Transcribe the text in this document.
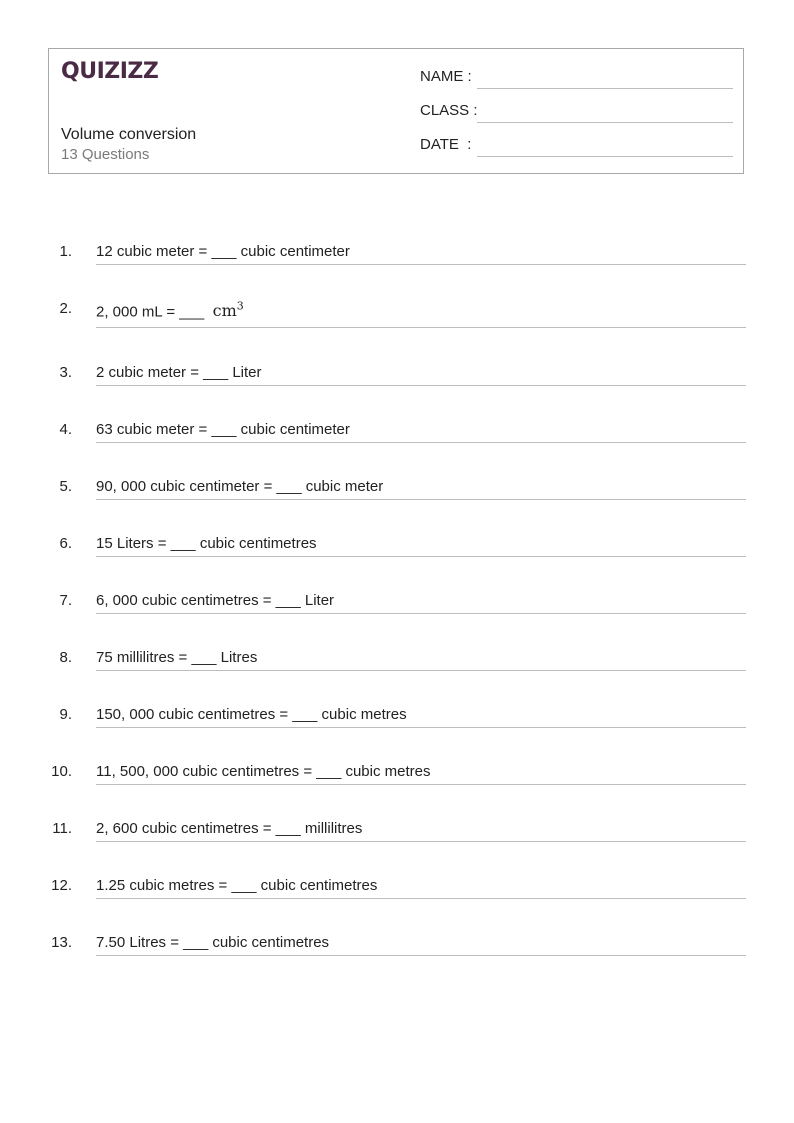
QUIZIZZ
Volume conversion
13 Questions
NAME :
CLASS :
DATE  :
1. 12 cubic meter = ___ cubic centimeter
2. 2, 000 mL = ___  $cm^3$
3. 2 cubic meter = ___ Liter
4. 63 cubic meter = ___ cubic centimeter
5. 90, 000 cubic centimeter = ___ cubic meter
6. 15 Liters = ___ cubic centimetres
7. 6, 000 cubic centimetres = ___ Liter
8. 75 millilitres = ___ Litres
9. 150, 000 cubic centimetres = ___ cubic metres
10. 11, 500, 000 cubic centimetres = ___ cubic metres
11. 2, 600 cubic centimetres = ___ millilitres
12. 1.25 cubic metres = ___ cubic centimetres
13. 7.50 Litres = ___ cubic centimetres
